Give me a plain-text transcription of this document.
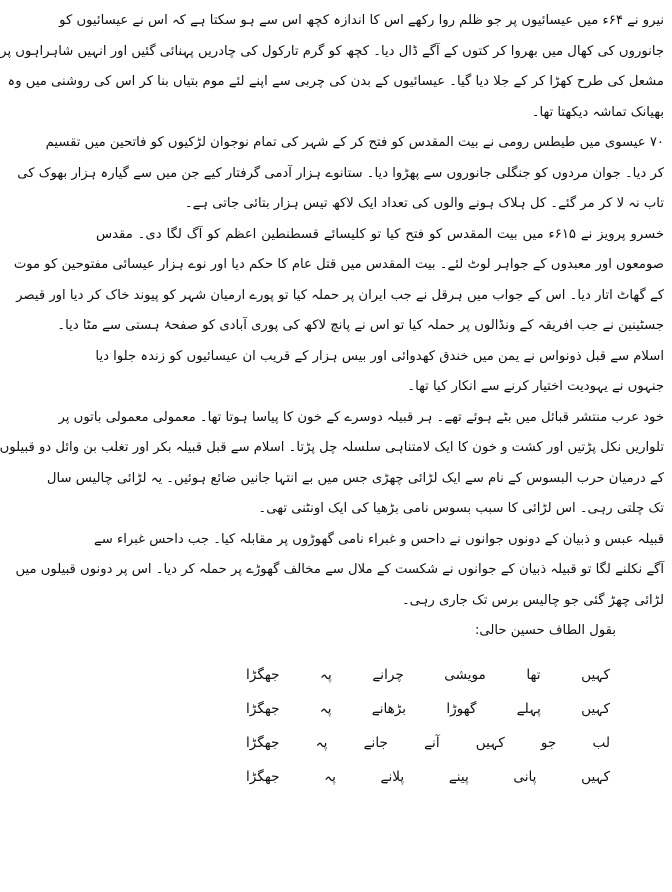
نیرو نے ۶۴ء میں عیسائیوں پر جو ظلم روا رکھے اس کا اندازہ کچھ اس سے ہو سکتا ہے کہ اس نے عیسائیوں کو
جانوروں کی کھال میں بھروا کر کتوں کے آگے ڈال دیا۔ کچھ کو گرم تارکول کی چادریں پہنائی گئیں اور انہیں شاہراہوں پر
مشعل کی طرح کھڑا کر کے جلا دیا گیا۔ عیسائیوں کے بدن کی چربی سے اپنے لئے موم بتیاں بنا کر اس کی روشنی میں وہ
بھیانک تماشہ دیکھتا تھا۔
۷۰ عیسوی میں طیطس رومی نے بیت المقدس کو فتح کر کے شہر کی تمام نوجوان لڑکیوں کو فاتحین میں تقسیم
کر دیا۔ جوان مردوں کو جنگلی جانوروں سے پھڑوا دیا۔ ستانوے ہزار آدمی گرفتار کیے جن میں سے گیارہ ہزار بھوک کی
تاب نہ لا کر مر گئے۔ کل ہلاک ہونے والوں کی تعداد ایک لاکھ تیس ہزار بتائی جاتی ہے۔
خسرو پرویز نے ۶۱۵ء میں بیت المقدس کو فتح کیا تو کلیسائے قسطنطین اعظم کو آگ لگا دی۔ مقدس
صومعوں اور معبدوں کے جواہر لوٹ لئے۔ بیت المقدس میں قتل عام کا حکم دیا اور نوے ہزار عیسائی مفتوحین کو موت
کے گھاٹ اتار دیا۔ اس کے جواب میں ہرقل نے جب ایران پر حملہ کیا تو پورے ارمیان شہر کو پیوند خاک کر دیا اور قیصر
جسٹینین نے جب افریقہ کے ونڈالوں پر حملہ کیا تو اس نے پانچ لاکھ کی پوری آبادی کو صفحۂ ہستی سے مٹا دیا۔
اسلام سے قبل ذونواس نے یمن میں خندق کھدوائی اور بیس ہزار کے قریب ان عیسائیوں کو زندہ جلوا دیا
جنہوں نے یہودیت اختیار کرنے سے انکار کیا تھا۔
خود عرب منتشر قبائل میں بٹے ہوئے تھے۔ ہر قبیلہ دوسرے کے خون کا پیاسا ہوتا تھا۔ معمولی معمولی باتوں پر
تلواریں نکل پڑتیں اور کشت و خون کا ایک لامتناہی سلسلہ چل پڑتا۔ اسلام سے قبل قبیلہ بکر اور تغلب بن وائل دو قبیلوں
کے درمیان حرب البسوس کے نام سے ایک لڑائی چھڑی جس میں بے انتہا جانیں ضائع ہوئیں۔ یہ لڑائی چالیس سال
تک چلتی رہی۔ اس لڑائی کا سبب بسوس نامی بڑھیا کی ایک اونٹنی تھی۔
قبیلہ عبس و ذبیان کے دونوں جوانوں نے داحس و غبراء نامی گھوڑوں پر مقابلہ کیا۔ جب داحس غبراء سے
آگے نکلنے لگا تو قبیلہ ذبیان کے جوانوں نے شکست کے ملال سے مخالف گھوڑے پر حملہ کر دیا۔ اس پر دونوں قبیلوں میں
لڑائی چھڑ گئی جو چالیس برس تک جاری رہی۔
بقول الطاف حسین حالی:
کہیں
تھا
مویشی
چرانے
پہ
جھگڑا
کہیں
پہلے
گھوڑا
بڑھانے
پہ
جھگڑا
لب
جو
کہیں
آنے
جانے
پہ
جھگڑا
کہیں
پانی
پینے
پلانے
پہ
جھگڑا
